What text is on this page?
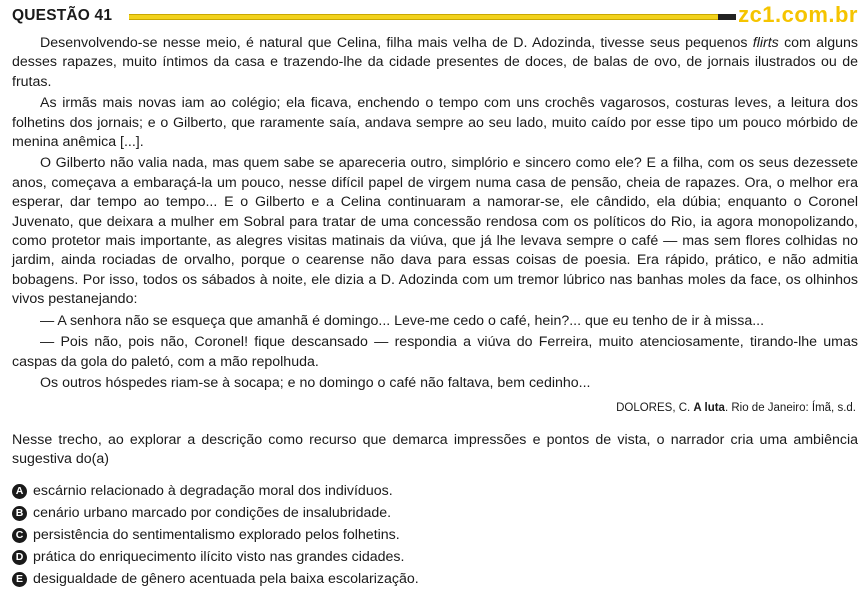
QUESTÃO 41	zc1.com.br

Desenvolvendo-se nesse meio, é natural que Celina, filha mais velha de D. Adozinda, tivesse seus pequenos flirts com alguns desses rapazes, muito íntimos da casa e trazendo-lhe da cidade presentes de doces, de balas de ovo, de jornais ilustrados ou de frutas.

As irmãs mais novas iam ao colégio; ela ficava, enchendo o tempo com uns crochês vagarosos, costuras leves, a leitura dos folhetins dos jornais; e o Gilberto, que raramente saía, andava sempre ao seu lado, muito caído por esse tipo um pouco mórbido de menina anêmica [...].

O Gilberto não valia nada, mas quem sabe se apareceria outro, simplório e sincero como ele? E a filha, com os seus dezessete anos, começava a embaraçá-la um pouco, nesse difícil papel de virgem numa casa de pensão, cheia de rapazes. Ora, o melhor era esperar, dar tempo ao tempo... E o Gilberto e a Celina continuaram a namorar-se, ele cândido, ela dúbia; enquanto o Coronel Juvenato, que deixara a mulher em Sobral para tratar de uma concessão rendosa com os políticos do Rio, ia agora monopolizando, como protetor mais importante, as alegres visitas matinais da viúva, que já lhe levava sempre o café — mas sem flores colhidas no jardim, ainda rociadas de orvalho, porque o cearense não dava para essas coisas de poesia. Era rápido, prático, e não admitia bobagens. Por isso, todos os sábados à noite, ele dizia a D. Adozinda com um tremor lúbrico nas banhas moles da face, os olhinhos vivos pestanejando:

— A senhora não se esqueça que amanhã é domingo... Leve-me cedo o café, hein?... que eu tenho de ir à missa...

— Pois não, pois não, Coronel! fique descansado — respondia a viúva do Ferreira, muito atenciosamente, tirando-lhe umas caspas da gola do paletó, com a mão repolhuda.

Os outros hóspedes riam-se à socapa; e no domingo o café não faltava, bem cedinho...

DOLORES, C. A luta. Rio de Janeiro: Ímã, s.d.
Nesse trecho, ao explorar a descrição como recurso que demarca impressões e pontos de vista, o narrador cria uma ambiência sugestiva do(a)
A escárnio relacionado à degradação moral dos indivíduos.
B cenário urbano marcado por condições de insalubridade.
C persistência do sentimentalismo explorado pelos folhetins.
D prática do enriquecimento ilícito visto nas grandes cidades.
E desigualdade de gênero acentuada pela baixa escolarização.
